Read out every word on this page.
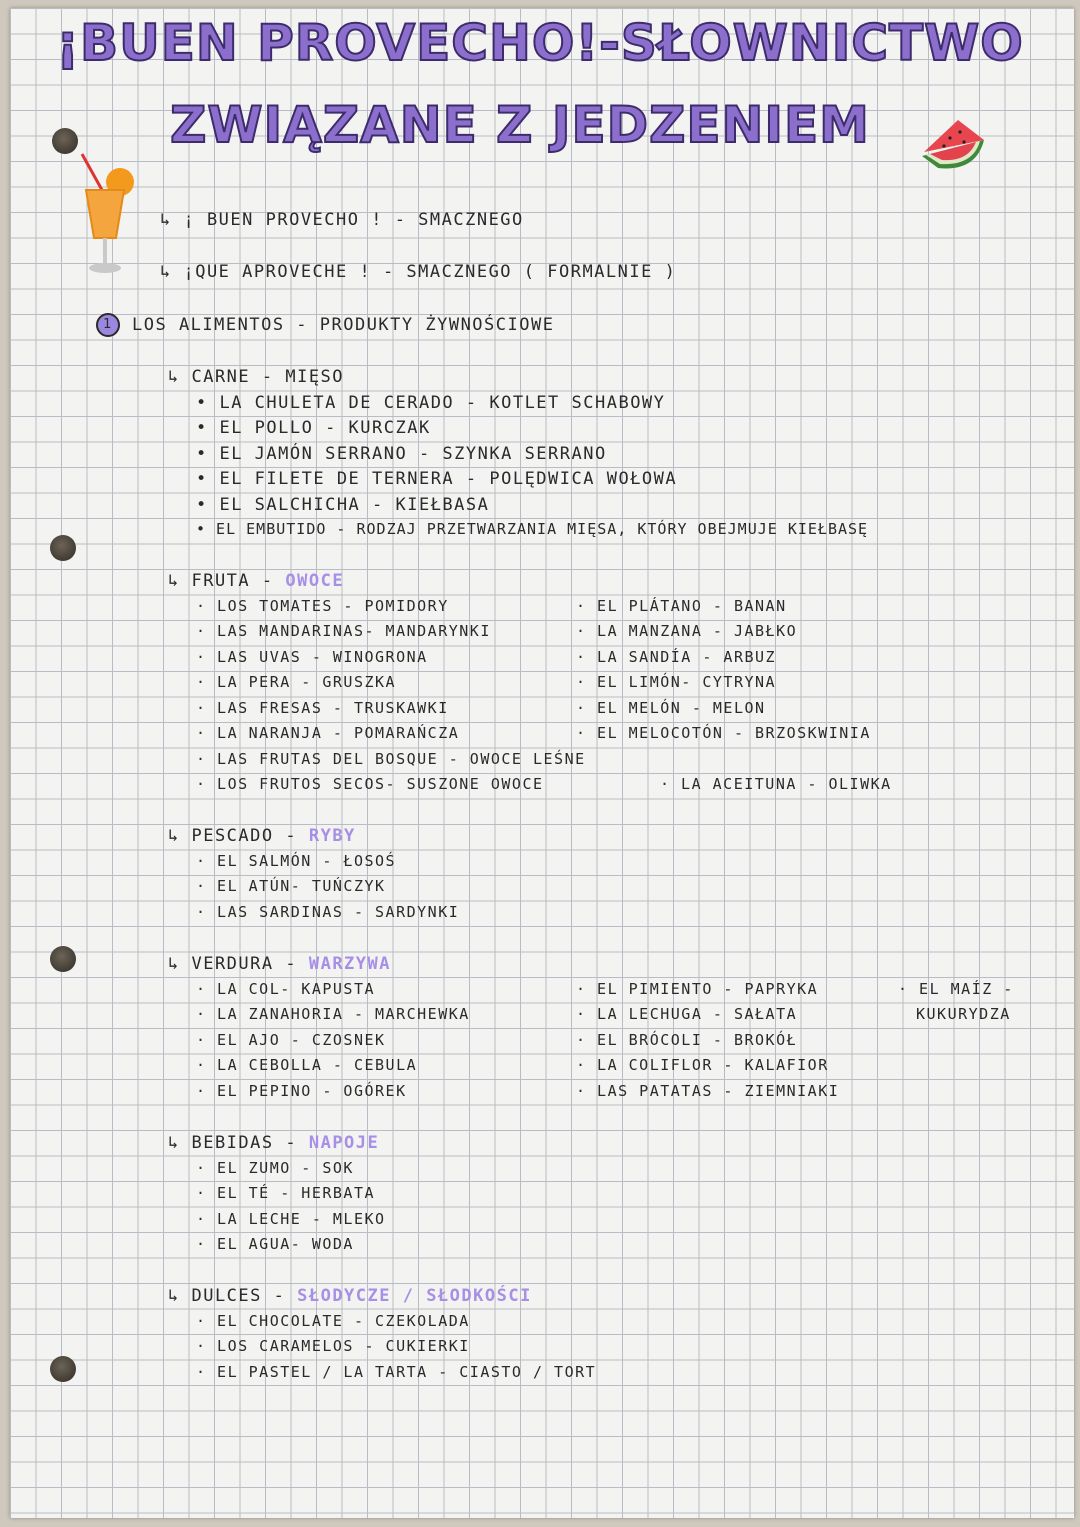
¡BUEN PROVECHO!-SŁOWNICTWO
ZWIĄZANE Z JEDZENIEM
↳ ¡ BUEN PROVECHO ! - SMACZNEGO
↳ ¡QUE APROVECHE ! - SMACZNEGO ( FORMALNIE )
1 LOS ALIMENTOS - PRODUKTY ŻYWNOŚCIOWE
↳ CARNE - MIĘSO
• LA CHULETA DE CERADO - KOTLET SCHABOWY
• EL POLLO - KURCZAK
• EL JAMÓN SERRANO - SZYNKA SERRANO
• EL FILETE DE TERNERA - POLĘDWICA WOŁOWA
• EL SALCHICHA - KIEŁBASA
• EL EMBUTIDO - RODZAJ PRZETWARZANIA MIĘSA, KTÓRY OBEJMUJE KIEŁBASĘ
↳ FRUTA - OWOCE
· LOS TOMATES - POMIDORY
· LAS MANDARINAS- MANDARYNKI
· LAS UVAS - WINOGRONA
· LA PERA - GRUSZKA
· LAS FRESAS - TRUSKAWKI
· LA NARANJA - POMARAŃCZA
· LAS FRUTAS DEL BOSQUE - OWOCE LEŚNE
· LOS FRUTOS SECOS- SUSZONE OWOCE
· EL PLÁTANO - BANAN
· LA MANZANA - JABŁKO
· LA SANDÍA - ARBUZ
· EL LIMÓN- CYTRYNA
· EL MELÓN - MELON
· EL MELOCOTÓN - BRZOSKWINIA
· LA ACEITUNA - OLIWKA
↳ PESCADO - RYBY
· EL SALMÓN - ŁOSOŚ
· EL ATÚN- TUŃCZYK
· LAS SARDINAS - SARDYNKI
↳ VERDURA - WARZYWA
· LA COL- KAPUSTA
· LA ZANAHORIA - MARCHEWKA
· EL AJO - CZOSNEK
· LA CEBOLLA - CEBULA
· EL PEPINO - OGÓREK
· EL PIMIENTO - PAPRYKA
· LA LECHUGA - SAŁATA
· EL BRÓCOLI - BROKÓŁ
· LA COLIFLOR - KALAFIOR
· LAS PATATAS - ZIEMNIAKI
· EL MAÍZ -
KUKURYDZA
↳ BEBIDAS - NAPOJE
· EL ZUMO - SOK
· EL TÉ - HERBATA
· LA LECHE - MLEKO
· EL AGUA- WODA
↳ DULCES - SŁODYCZE / SŁODKOŚCI
· EL CHOCOLATE - CZEKOLADA
· LOS CARAMELOS - CUKIERKI
· EL PASTEL / LA TARTA - CIASTO / TORT
